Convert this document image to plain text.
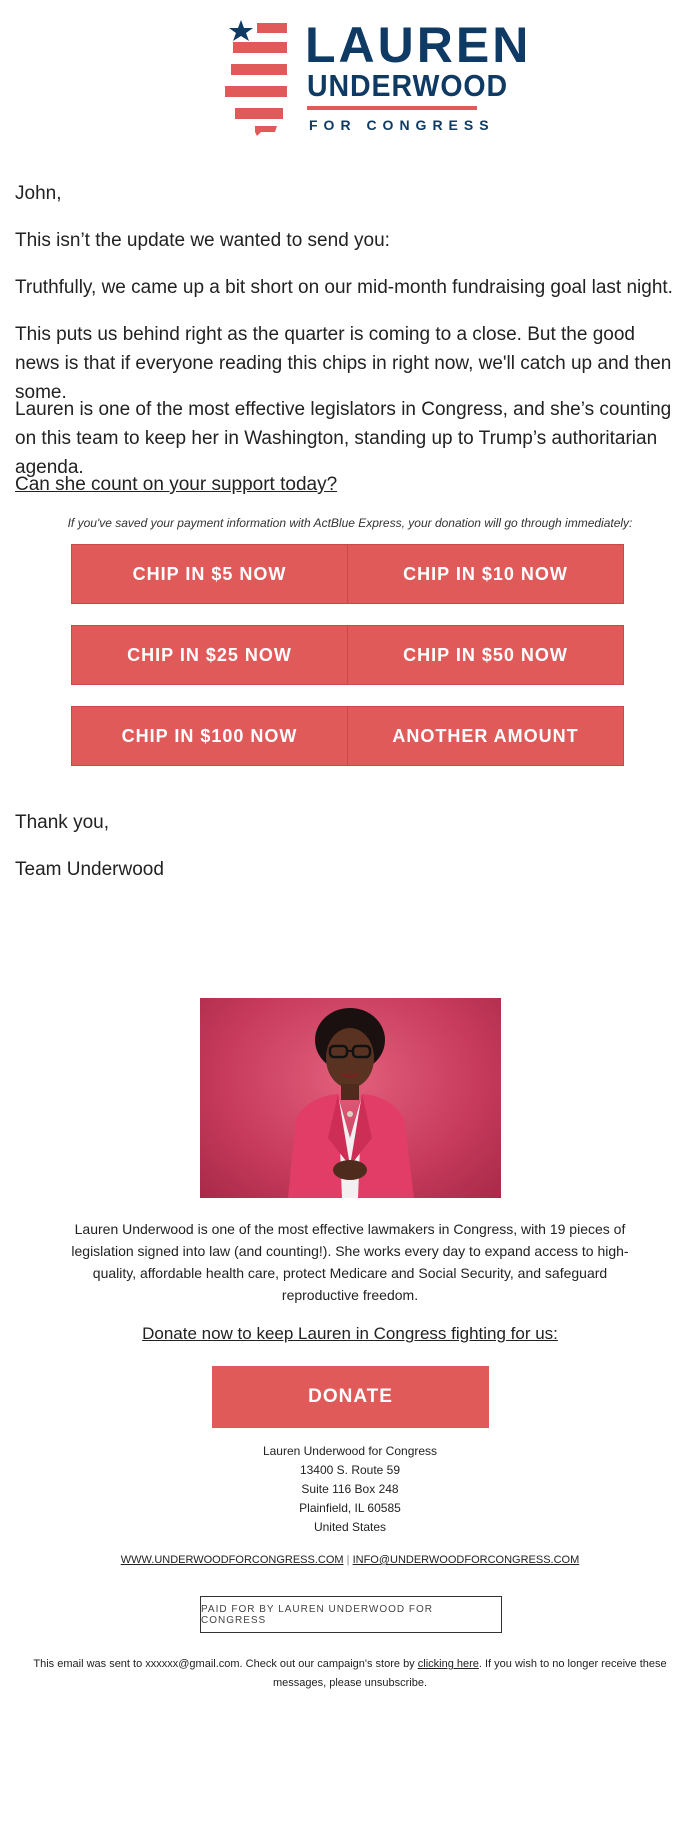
LAUREN
UNDERWOOD
FOR CONGRESS
John,
This isn’t the update we wanted to send you:
Truthfully, we came up a bit short on our mid-month fundraising goal last night.
This puts us behind right as the quarter is coming to a close. But the good news is that if everyone reading this chips in right now, we'll catch up and then some.
Lauren is one of the most effective legislators in Congress, and she’s counting on this team to keep her in Washington, standing up to Trump’s authoritarian agenda.
Can she count on your support today?
If you've saved your payment information with ActBlue Express, your donation will go through immediately:
CHIP IN $5 NOW	CHIP IN $10 NOW
CHIP IN $25 NOW	CHIP IN $50 NOW
CHIP IN $100 NOW	ANOTHER AMOUNT
Thank you,
Team Underwood
Lauren Underwood is one of the most effective lawmakers in Congress, with 19 pieces of legislation signed into law (and counting!). She works every day to expand access to high-quality, affordable health care, protect Medicare and Social Security, and safeguard reproductive freedom.
Donate now to keep Lauren in Congress fighting for us:
DONATE
Lauren Underwood for Congress
13400 S. Route 59
Suite 116 Box 248
Plainfield, IL 60585
United States
WWW.UNDERWOODFORCONGRESS.COM | INFO@UNDERWOODFORCONGRESS.COM
PAID FOR BY LAUREN UNDERWOOD FOR CONGRESS
This email was sent to xxxxxx@gmail.com. Check out our campaign's store by clicking here. If you wish to no longer receive these messages, please unsubscribe.
